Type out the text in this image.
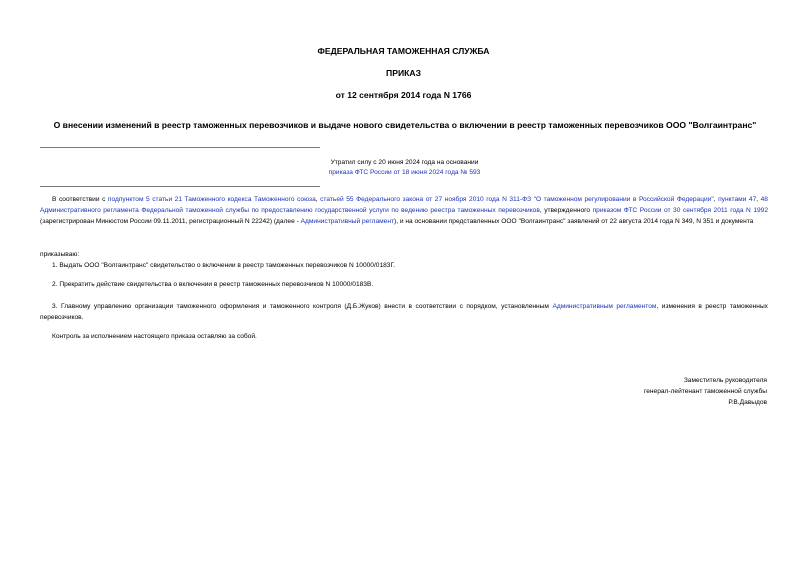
ФЕДЕРАЛЬНАЯ ТАМОЖЕННАЯ СЛУЖБА
ПРИКАЗ
от 12 сентября 2014 года N 1766
О внесении изменений в реестр таможенных перевозчиков и выдаче нового свидетельства о включении в реестр таможенных перевозчиков ООО "Волгаинтранс"
Утратил силу с 20 июня 2024 года на основании
приказа ФТС России от 18 июня 2024 года № 593
В соответствии с подпунктом 5 статьи 21 Таможенного кодекса Таможенного союза, статьей 55 Федерального закона от 27 ноября 2010 года N 311-ФЗ "О таможенном регулировании в Российской Федерации", пунктами 47, 48 Административного регламента Федеральной таможенной службы по предоставлению государственной услуги по ведению реестра таможенных перевозчиков, утвержденного приказом ФТС России от 30 сентября 2011 года N 1992 (зарегистрирован Минюстом России 09.11.2011, регистрационный N 22242) (далее - Административный регламент), и на основании представленных ООО "Волгаинтранс" заявлений от 22 августа 2014 года N 349, N 351 и документа
приказываю:
1. Выдать ООО "Волгаинтранс" свидетельство о включении в реестр таможенных перевозчиков N 10000/0183Г.
2. Прекратить действие свидетельства о включении в реестр таможенных перевозчиков N 10000/0183В.
3. Главному управлению организации таможенного оформления и таможенного контроля (Д.Б.Жуков) внести в соответствии с порядком, установленным Административным регламентом, изменения в реестр таможенных перевозчиков.
Контроль за исполнением настоящего приказа оставляю за собой.
Заместитель руководителя
генерал-лейтенант таможенной службы
Р.В.Давыдов
